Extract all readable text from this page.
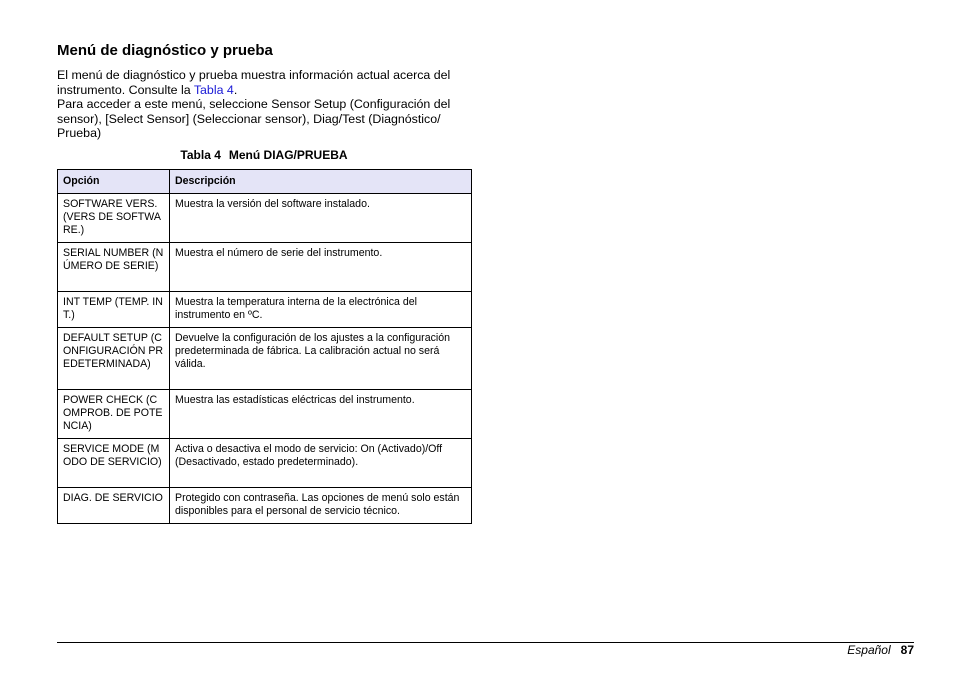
Menú de diagnóstico y prueba

El menú de diagnóstico y prueba muestra información actual acerca del instrumento. Consulte la Tabla 4.

Para acceder a este menú, seleccione Sensor Setup (Configuración del sensor), [Select Sensor] (Seleccionar sensor), Diag/Test (Diagnóstico/ Prueba)

Tabla 4 Menú DIAG/PRUEBA
Opción	Descripción
SOFTWARE VERS. (VERS DE SOFTWARE.)	Muestra la versión del software instalado.
SERIAL NUMBER (NÚMERO DE SERIE)	Muestra el número de serie del instrumento.
INT TEMP (TEMP. INT.)	Muestra la temperatura interna de la electrónica del instrumento en ºC.
DEFAULT SETUP (CONFIGURACIÓN PREDETERMINADA)	Devuelve la configuración de los ajustes a la configuración predeterminada de fábrica. La calibración actual no será válida.
POWER CHECK (COMPROB. DE POTENCIA)	Muestra las estadísticas eléctricas del instrumento.
SERVICE MODE (MODO DE SERVICIO)	Activa o desactiva el modo de servicio: On (Activado)/Off (Desactivado, estado predeterminado).
DIAG. DE SERVICIO	Protegido con contraseña. Las opciones de menú solo están disponibles para el personal de servicio técnico.
Español 87
